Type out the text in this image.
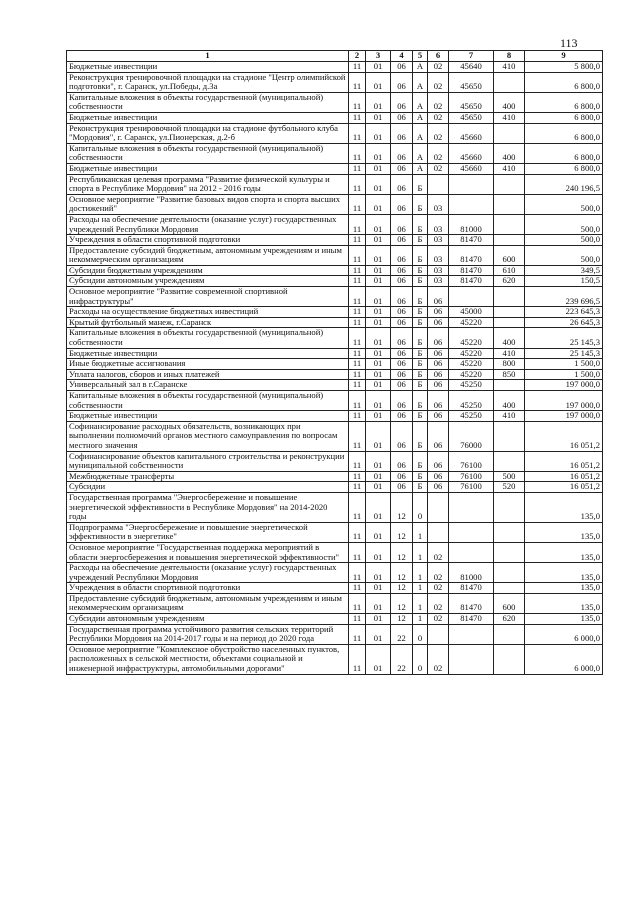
113
1	2	3	4	5	6	7	8	9
Бюджетные инвестиции	11	01	06	А	02	45640	410	5 800,0
Реконструкция тренировочной площадки на стадионе "Центр олимпийской подготовки", г. Саранск, ул.Победы, д.3а	11	01	06	А	02	45650		6 800,0
Капитальные вложения в объекты государственной (муниципальной) собственности	11	01	06	А	02	45650	400	6 800,0
Бюджетные инвестиции	11	01	06	А	02	45650	410	6 800,0
Реконструкция тренировочной площадки на стадионе футбольного клуба "Мордовия", г. Саранск, ул.Пионерская, д.2-б	11	01	06	А	02	45660		6 800,0
Капитальные вложения в объекты государственной (муниципальной) собственности	11	01	06	А	02	45660	400	6 800,0
Бюджетные инвестиции	11	01	06	А	02	45660	410	6 800,0
Республиканская целевая программа "Развитие физической культуры и спорта в Республике Мордовия" на 2012 - 2016 годы	11	01	06	Б				240 196,5
Основное мероприятие "Развитие базовых видов спорта и спорта высших достижений"	11	01	06	Б	03			500,0
Расходы на обеспечение деятельности (оказание услуг) государственных учреждений Республики Мордовия	11	01	06	Б	03	81000		500,0
Учреждения в области спортивной подготовки	11	01	06	Б	03	81470		500,0
Предоставление субсидий бюджетным, автономным учреждениям и иным некоммерческим организациям	11	01	06	Б	03	81470	600	500,0
Субсидии бюджетным учреждениям	11	01	06	Б	03	81470	610	349,5
Субсидии автономным учреждениям	11	01	06	Б	03	81470	620	150,5
Основное мероприятие "Развитие современной спортивной инфраструктуры"	11	01	06	Б	06			239 696,5
Расходы на осуществление бюджетных инвестиций	11	01	06	Б	06	45000		223 645,3
Крытый футбольный манеж, г.Саранск	11	01	06	Б	06	45220		26 645,3
Капитальные вложения в объекты государственной (муниципальной) собственности	11	01	06	Б	06	45220	400	25 145,3
Бюджетные инвестиции	11	01	06	Б	06	45220	410	25 145,3
Иные бюджетные ассигнования	11	01	06	Б	06	45220	800	1 500,0
Уплата налогов, сборов и иных платежей	11	01	06	Б	06	45220	850	1 500,0
Универсальный зал в г.Саранске	11	01	06	Б	06	45250		197 000,0
Капитальные вложения в объекты государственной (муниципальной) собственности	11	01	06	Б	06	45250	400	197 000,0
Бюджетные инвестиции	11	01	06	Б	06	45250	410	197 000,0
Софинансирование расходных обязательств, возникающих при выполнении полномочий органов местного самоуправления по вопросам местного значения	11	01	06	Б	06	76000		16 051,2
Софинансирование объектов капитального строительства и реконструкции муниципальной собственности	11	01	06	Б	06	76100		16 051,2
Межбюджетные трансферты	11	01	06	Б	06	76100	500	16 051,2
Субсидии	11	01	06	Б	06	76100	520	16 051,2
Государственная программа "Энергосбережение и повышение энергетической эффективности в Республике Мордовия" на 2014-2020 годы	11	01	12	0				135,0
Подпрограмма "Энергосбережение и повышение энергетической эффективности в энергетике"	11	01	12	1				135,0
Основное мероприятие "Государственная поддержка мероприятий в области энергосбережения и повышения энергетической эффективности"	11	01	12	1	02			135,0
Расходы на обеспечение деятельности (оказание услуг) государственных учреждений Республики Мордовия	11	01	12	1	02	81000		135,0
Учреждения в области спортивной подготовки	11	01	12	1	02	81470		135,0
Предоставление субсидий бюджетным, автономным учреждениям и иным некоммерческим организациям	11	01	12	1	02	81470	600	135,0
Субсидии автономным учреждениям	11	01	12	1	02	81470	620	135,0
Государственная программа устойчивого развития сельских территорий Республики Мордовия на 2014-2017 годы и на период до 2020 года	11	01	22	0				6 000,0
Основное мероприятие "Комплексное обустройство населенных пунктов, расположенных в сельской местности, объектами социальной и инженерной инфраструктуры, автомобильными дорогами"	11	01	22	0	02			6 000,0
